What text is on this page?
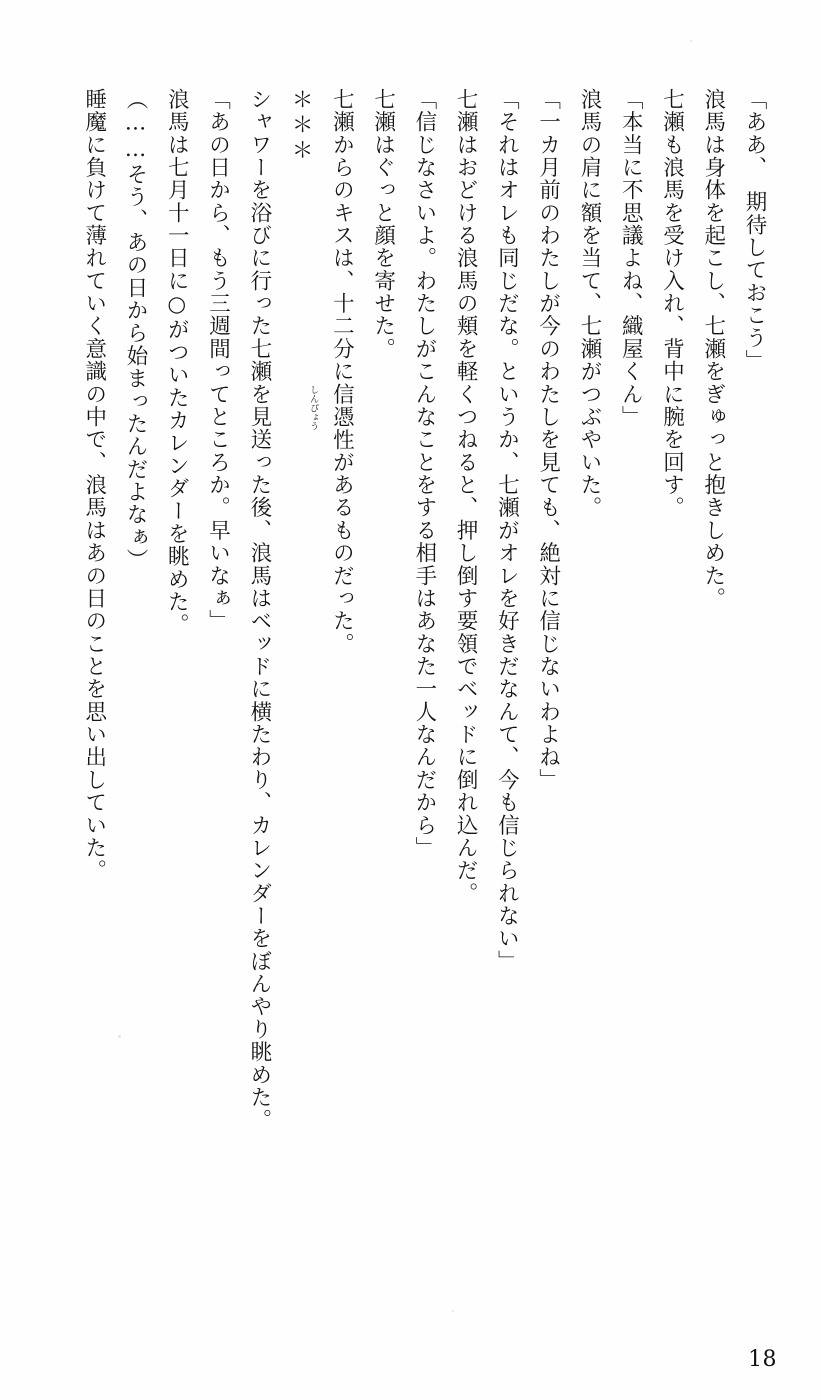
「ああ、　期待しておこう」

浪馬は身体を起こし、七瀬をぎゅっと抱きしめた。

七瀬も浪馬を受け入れ、背中に腕を回す。

「本当に不思議よね、織屋くん」

浪馬の肩に額を当て、七瀬がつぶやいた。

「一カ月前のわたしが今のわたしを見ても、絶対に信じないわよね」

「それはオレも同じだな。というか、七瀬がオレを好きだなんて、今も信じられない」

七瀬はおどける浪馬の頬を軽くつねると、押し倒す要領でベッドに倒れ込んだ。

「信じなさいよ。わたしがこんなことをする相手はあなた一人なんだから」

七瀬はぐっと顔を寄せた。

七瀬からのキスは、十二分に
しんぴょう 信憑性があるものだった。

＊＊＊

シャワーを浴びに行った七瀬を見送った後、浪馬はベッドに横たわり、カレンダーをぼんやり眺めた。

「あの日から、もう三週間ってところか。早いなぁ」

浪馬は七月十一日に○がついたカレンダーを眺めた。

（……そう、あの日から始まったんだよなぁ）

睡魔に負けて薄れていく意識の中で、浪馬はあの日のことを思い出していた。

18
